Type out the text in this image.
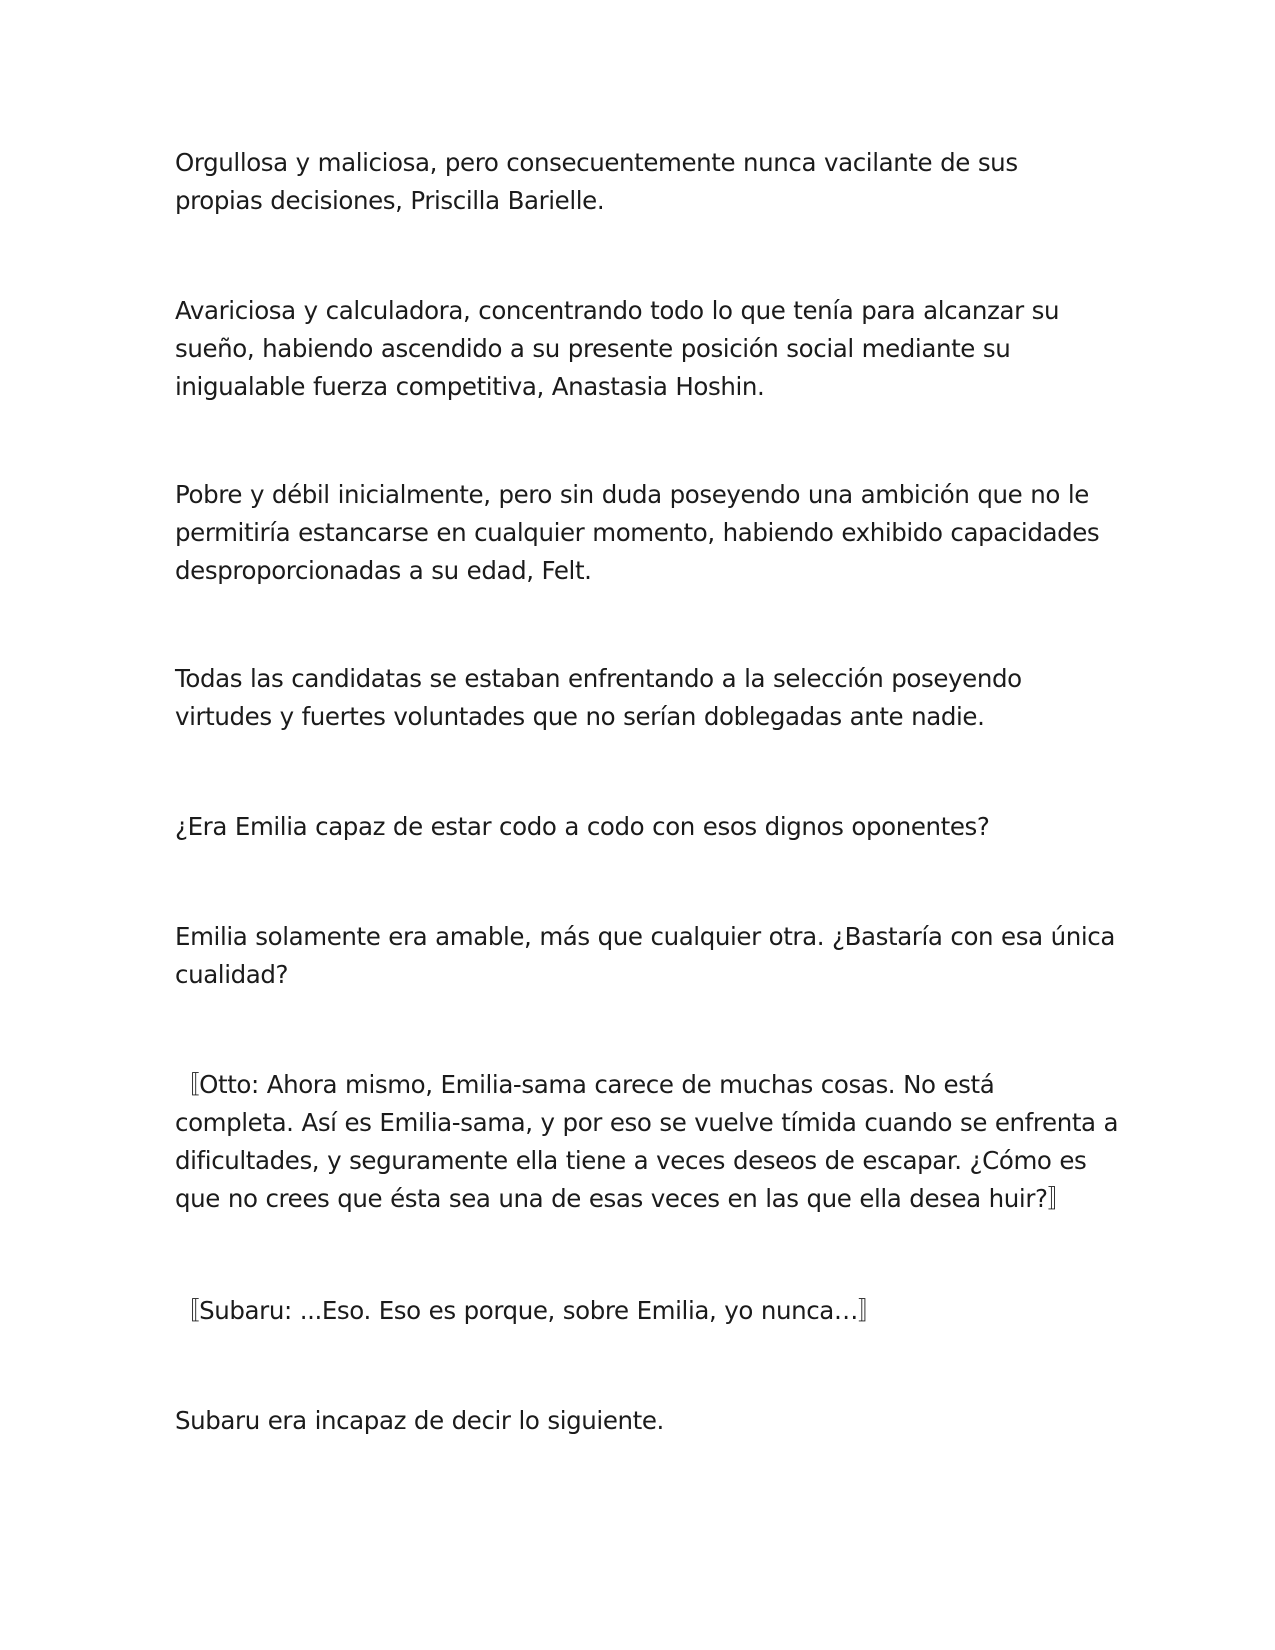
Orgullosa y maliciosa, pero consecuentemente nunca vacilante de sus
propias decisiones, Priscilla Barielle.

Avariciosa y calculadora, concentrando todo lo que tenía para alcanzar su
sueño, habiendo ascendido a su presente posición social mediante su
inigualable fuerza competitiva, Anastasia Hoshin.

Pobre y débil inicialmente, pero sin duda poseyendo una ambición que no le
permitiría estancarse en cualquier momento, habiendo exhibido capacidades
desproporcionadas a su edad, Felt.

Todas las candidatas se estaban enfrentando a la selección poseyendo
virtudes y fuertes voluntades que no serían doblegadas ante nadie.

¿Era Emilia capaz de estar codo a codo con esos dignos oponentes?

Emilia solamente era amable, más que cualquier otra. ¿Bastaría con esa única
cualidad?

〚Otto: Ahora mismo, Emilia-sama carece de muchas cosas. No está
completa. Así es Emilia-sama, y por eso se vuelve tímida cuando se enfrenta a
dificultades, y seguramente ella tiene a veces deseos de escapar. ¿Cómo es
que no crees que ésta sea una de esas veces en las que ella desea huir?〛

〚Subaru: ...Eso. Eso es porque, sobre Emilia, yo nunca…〛

Subaru era incapaz de decir lo siguiente.
